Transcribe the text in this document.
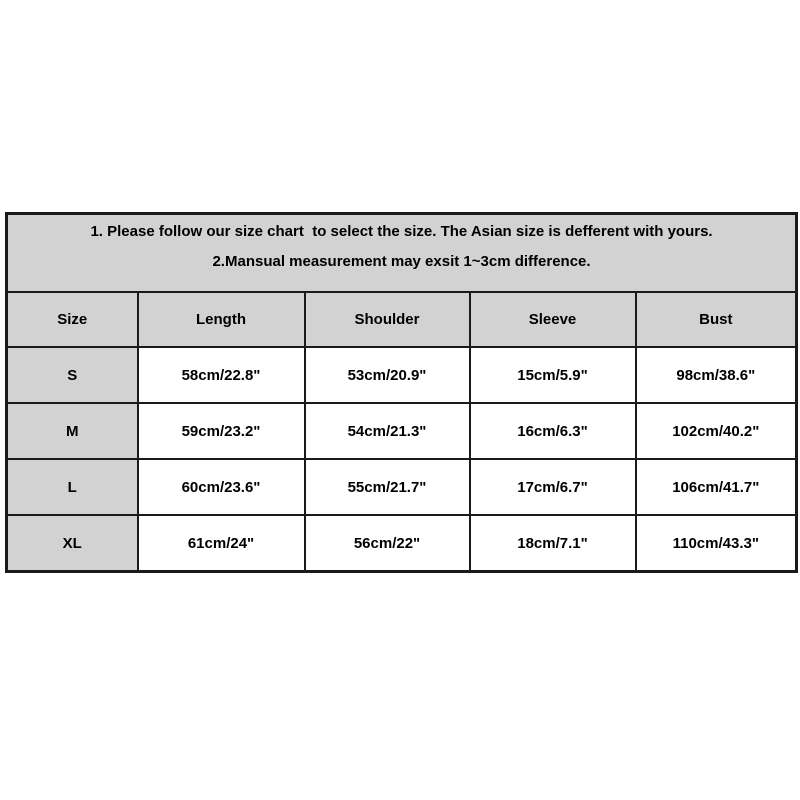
1. Please follow our size chart  to select the size. The Asian size is defferent with yours.
2.Mansual measurement may exsit 1~3cm difference.				

Size	Length	Shoulder	Sleeve	Bust
S	58cm/22.8"	53cm/20.9"	15cm/5.9"	98cm/38.6"
M	59cm/23.2"	54cm/21.3"	16cm/6.3"	102cm/40.2"
L	60cm/23.6"	55cm/21.7"	17cm/6.7"	106cm/41.7"
XL	61cm/24"	56cm/22"	18cm/7.1"	110cm/43.3"
